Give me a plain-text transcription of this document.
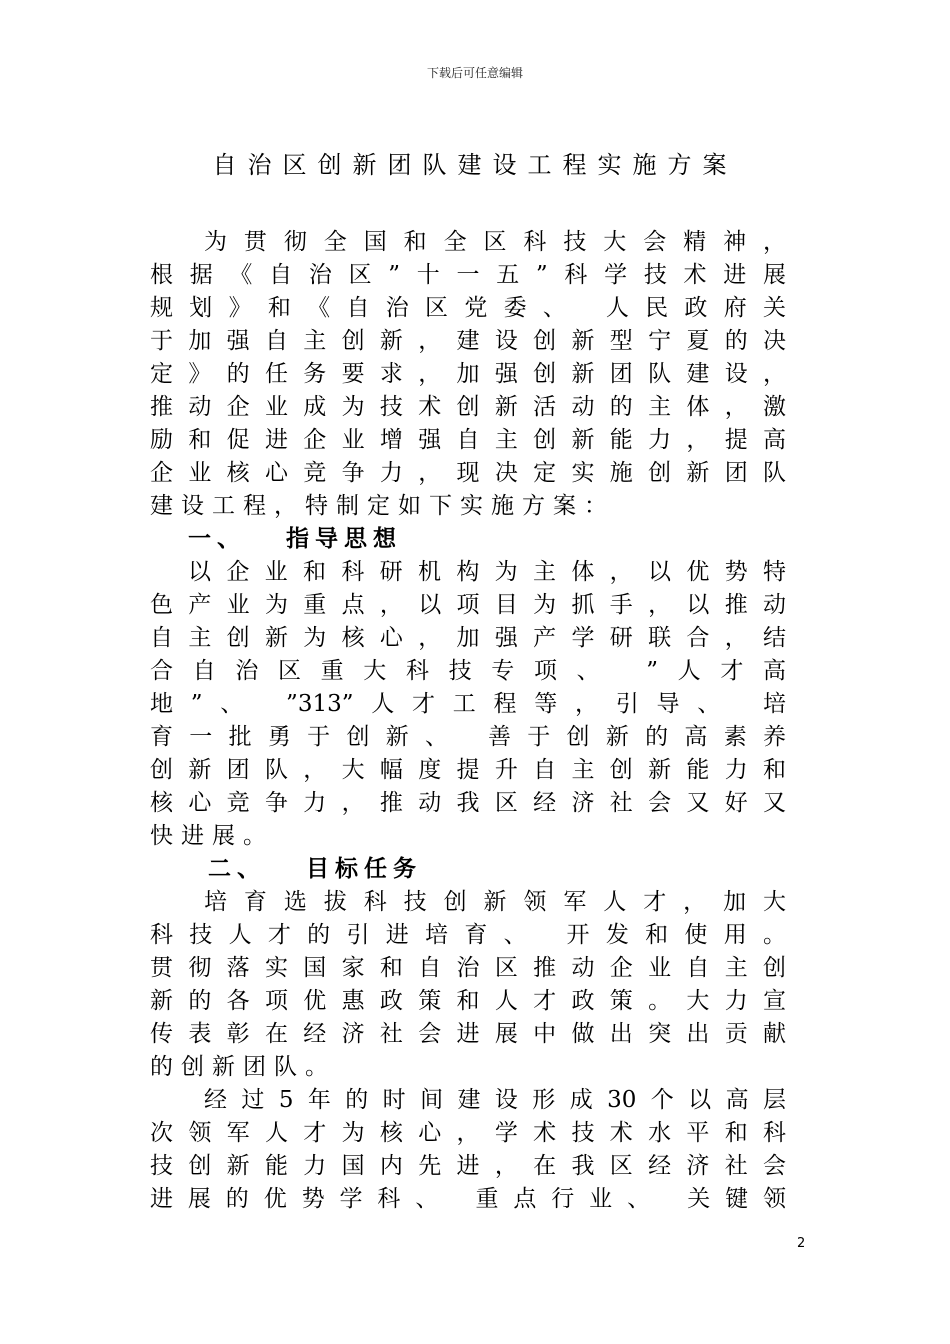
下载后可任意编辑
自治区创新团队建设工程实施方案
为贯彻全国和全区科技大会精神，
根据《自治区”十一五”科学技术进展
规划》和《自治区党委、 人民政府关
于加强自主创新，建设创新型宁夏的决
定》的任务要求，加强创新团队建设，
推动企业成为技术创新活动的主体，激
励和促进企业增强自主创新能力，提高
企业核心竞争力，现决定实施创新团队
建设工程，特制定如下实施方案：
一、 指导思想
以企业和科研机构为主体，以优势特
色产业为重点，以项目为抓手，以推动
自主创新为核心，加强产学研联合，结
合自治区重大科技专项、 ”人才高
地”、 ”313”人才工程等，引导、 培
育一批勇于创新、 善于创新的高素养
创新团队，大幅度提升自主创新能力和
核心竞争力，推动我区经济社会又好又
快进展。
二、 目标任务
培育选拔科技创新领军人才，加大
科技人才的引进培育、 开发和使用。
贯彻落实国家和自治区推动企业自主创
新的各项优惠政策和人才政策。大力宣
传表彰在经济社会进展中做出突出贡献
的创新团队。
经过5年的时间建设形成30个以高层
次领军人才为核心，学术技术水平和科
技创新能力国内先进，在我区经济社会
进展的优势学科、 重点行业、 关键领
2
